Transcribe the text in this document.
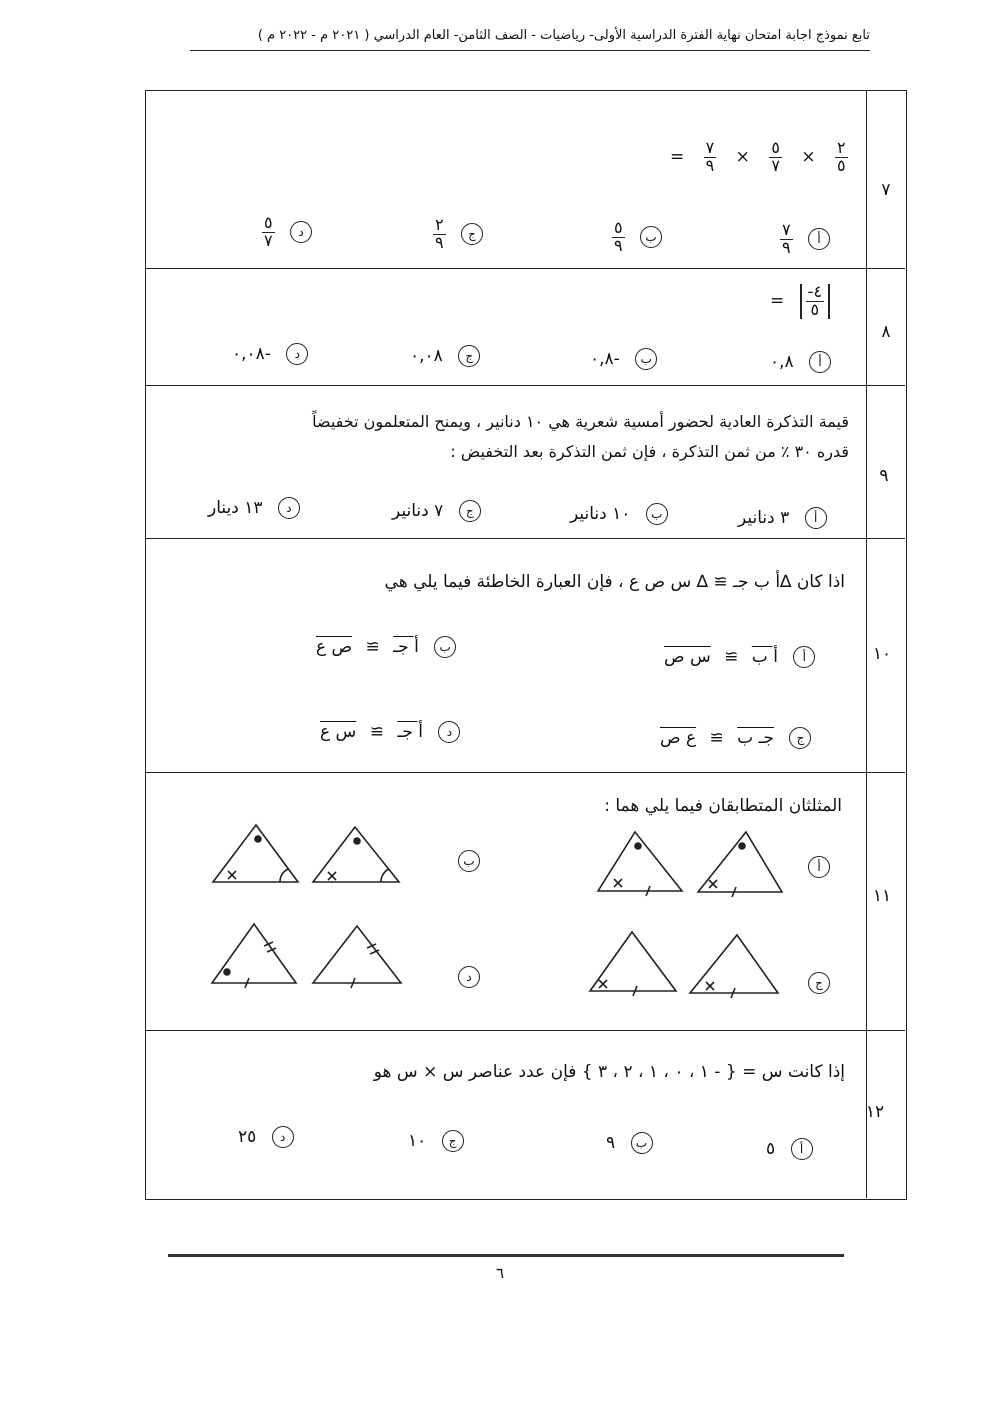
تابع نموذج اجابة امتحان نهاية الفترة الدراسية الأولى- رياضيات - الصف الثامن- العام الدراسي ( ٢٠٢١ م - ٢٠٢٢ م )
٧
= $\frac{٧}{٩} \times \frac{٥}{٧} \times \frac{٢}{٥}$
أ
$\frac{٧}{٩}$
ب
$\frac{٥}{٩}$
ج
$\frac{٢}{٩}$
د
$\frac{٥}{٧}$
٨
= $\frac{-٤}{٥}$
أ ٠,٨
ب -٠,٨
ج ٠,٠٨
د -٠,٠٨
٩
قيمة التذكرة العادية لحضور أمسية شعرية هي ١٠ دنانير ، ويمنح المتعلمون تخفيضاً
قدره ٣٠ ٪ من ثمن التذكرة ، فإن ثمن التذكرة بعد التخفيض :
أ ٣ دنانير
ب ١٠ دنانير
ج ٧ دنانير
د ١٣ دينار
١٠
اذا كان ∆أ ب جـ ≅ ∆ س ص ع ، فإن العبارة الخاطئة فيما يلي هي
أ أ ب ≅ س ص
ب أ جـ ≅ ص ع
ج جـ ب ≅ ع ص
د أ جـ ≅ س ع
١١
المثلثان المتطابقان فيما يلي هما :
أ
ب
ج
د
١٢
إذا كانت س = { - ١ ، ٠ ، ١ ، ٢ ، ٣ } فإن عدد عناصر س × س هو
أ ٥
ب ٩
ج ١٠
د ٢٥
٦
